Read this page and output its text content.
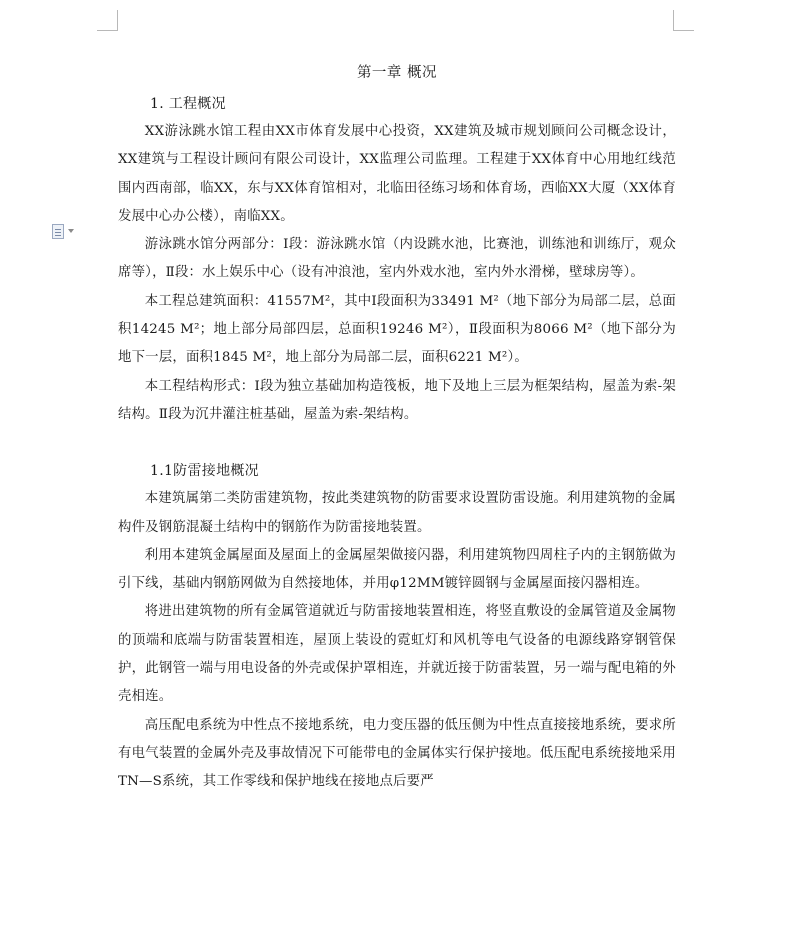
第一章 概况
1. 工程概况

XX游泳跳水馆工程由XX市体育发展中心投资，XX建筑及城市规划顾问公司概念设计，XX建筑与工程设计顾问有限公司设计，XX监理公司监理。工程建于XX体育中心用地红线范围内西南部，临XX，东与XX体育馆相对，北临田径练习场和体育场，西临XX大厦（XX体育发展中心办公楼），南临XX。

游泳跳水馆分两部分：Ⅰ段：游泳跳水馆（内设跳水池，比赛池，训练池和训练厅，观众席等），Ⅱ段：水上娱乐中心（设有冲浪池，室内外戏水池，室内外水滑梯，壁球房等）。

本工程总建筑面积：41557M²，其中Ⅰ段面积为33491 M²（地下部分为局部二层，总面积14245 M²；地上部分局部四层，总面积19246 M²），Ⅱ段面积为8066 M²（地下部分为地下一层，面积1845 M²，地上部分为局部二层，面积6221 M²）。

本工程结构形式：Ⅰ段为独立基础加构造筏板，地下及地上三层为框架结构，屋盖为索-架结构。Ⅱ段为沉井灌注桩基础，屋盖为索-架结构。

1.1防雷接地概况

本建筑属第二类防雷建筑物，按此类建筑物的防雷要求设置防雷设施。利用建筑物的金属构件及钢筋混凝土结构中的钢筋作为防雷接地装置。

利用本建筑金属屋面及屋面上的金属屋架做接闪器，利用建筑物四周柱子内的主钢筋做为引下线，基础内钢筋网做为自然接地体，并用φ12MM镀锌圆钢与金属屋面接闪器相连。

将进出建筑物的所有金属管道就近与防雷接地装置相连，将竖直敷设的金属管道及金属物的顶端和底端与防雷装置相连，屋顶上装设的霓虹灯和风机等电气设备的电源线路穿钢管保护，此钢管一端与用电设备的外壳或保护罩相连，并就近接于防雷装置，另一端与配电箱的外壳相连。

高压配电系统为中性点不接地系统，电力变压器的低压侧为中性点直接接地系统，要求所有电气装置的金属外壳及事故情况下可能带电的金属体实行保护接地。低压配电系统接地采用TN—S系统，其工作零线和保护地线在接地点后要严
